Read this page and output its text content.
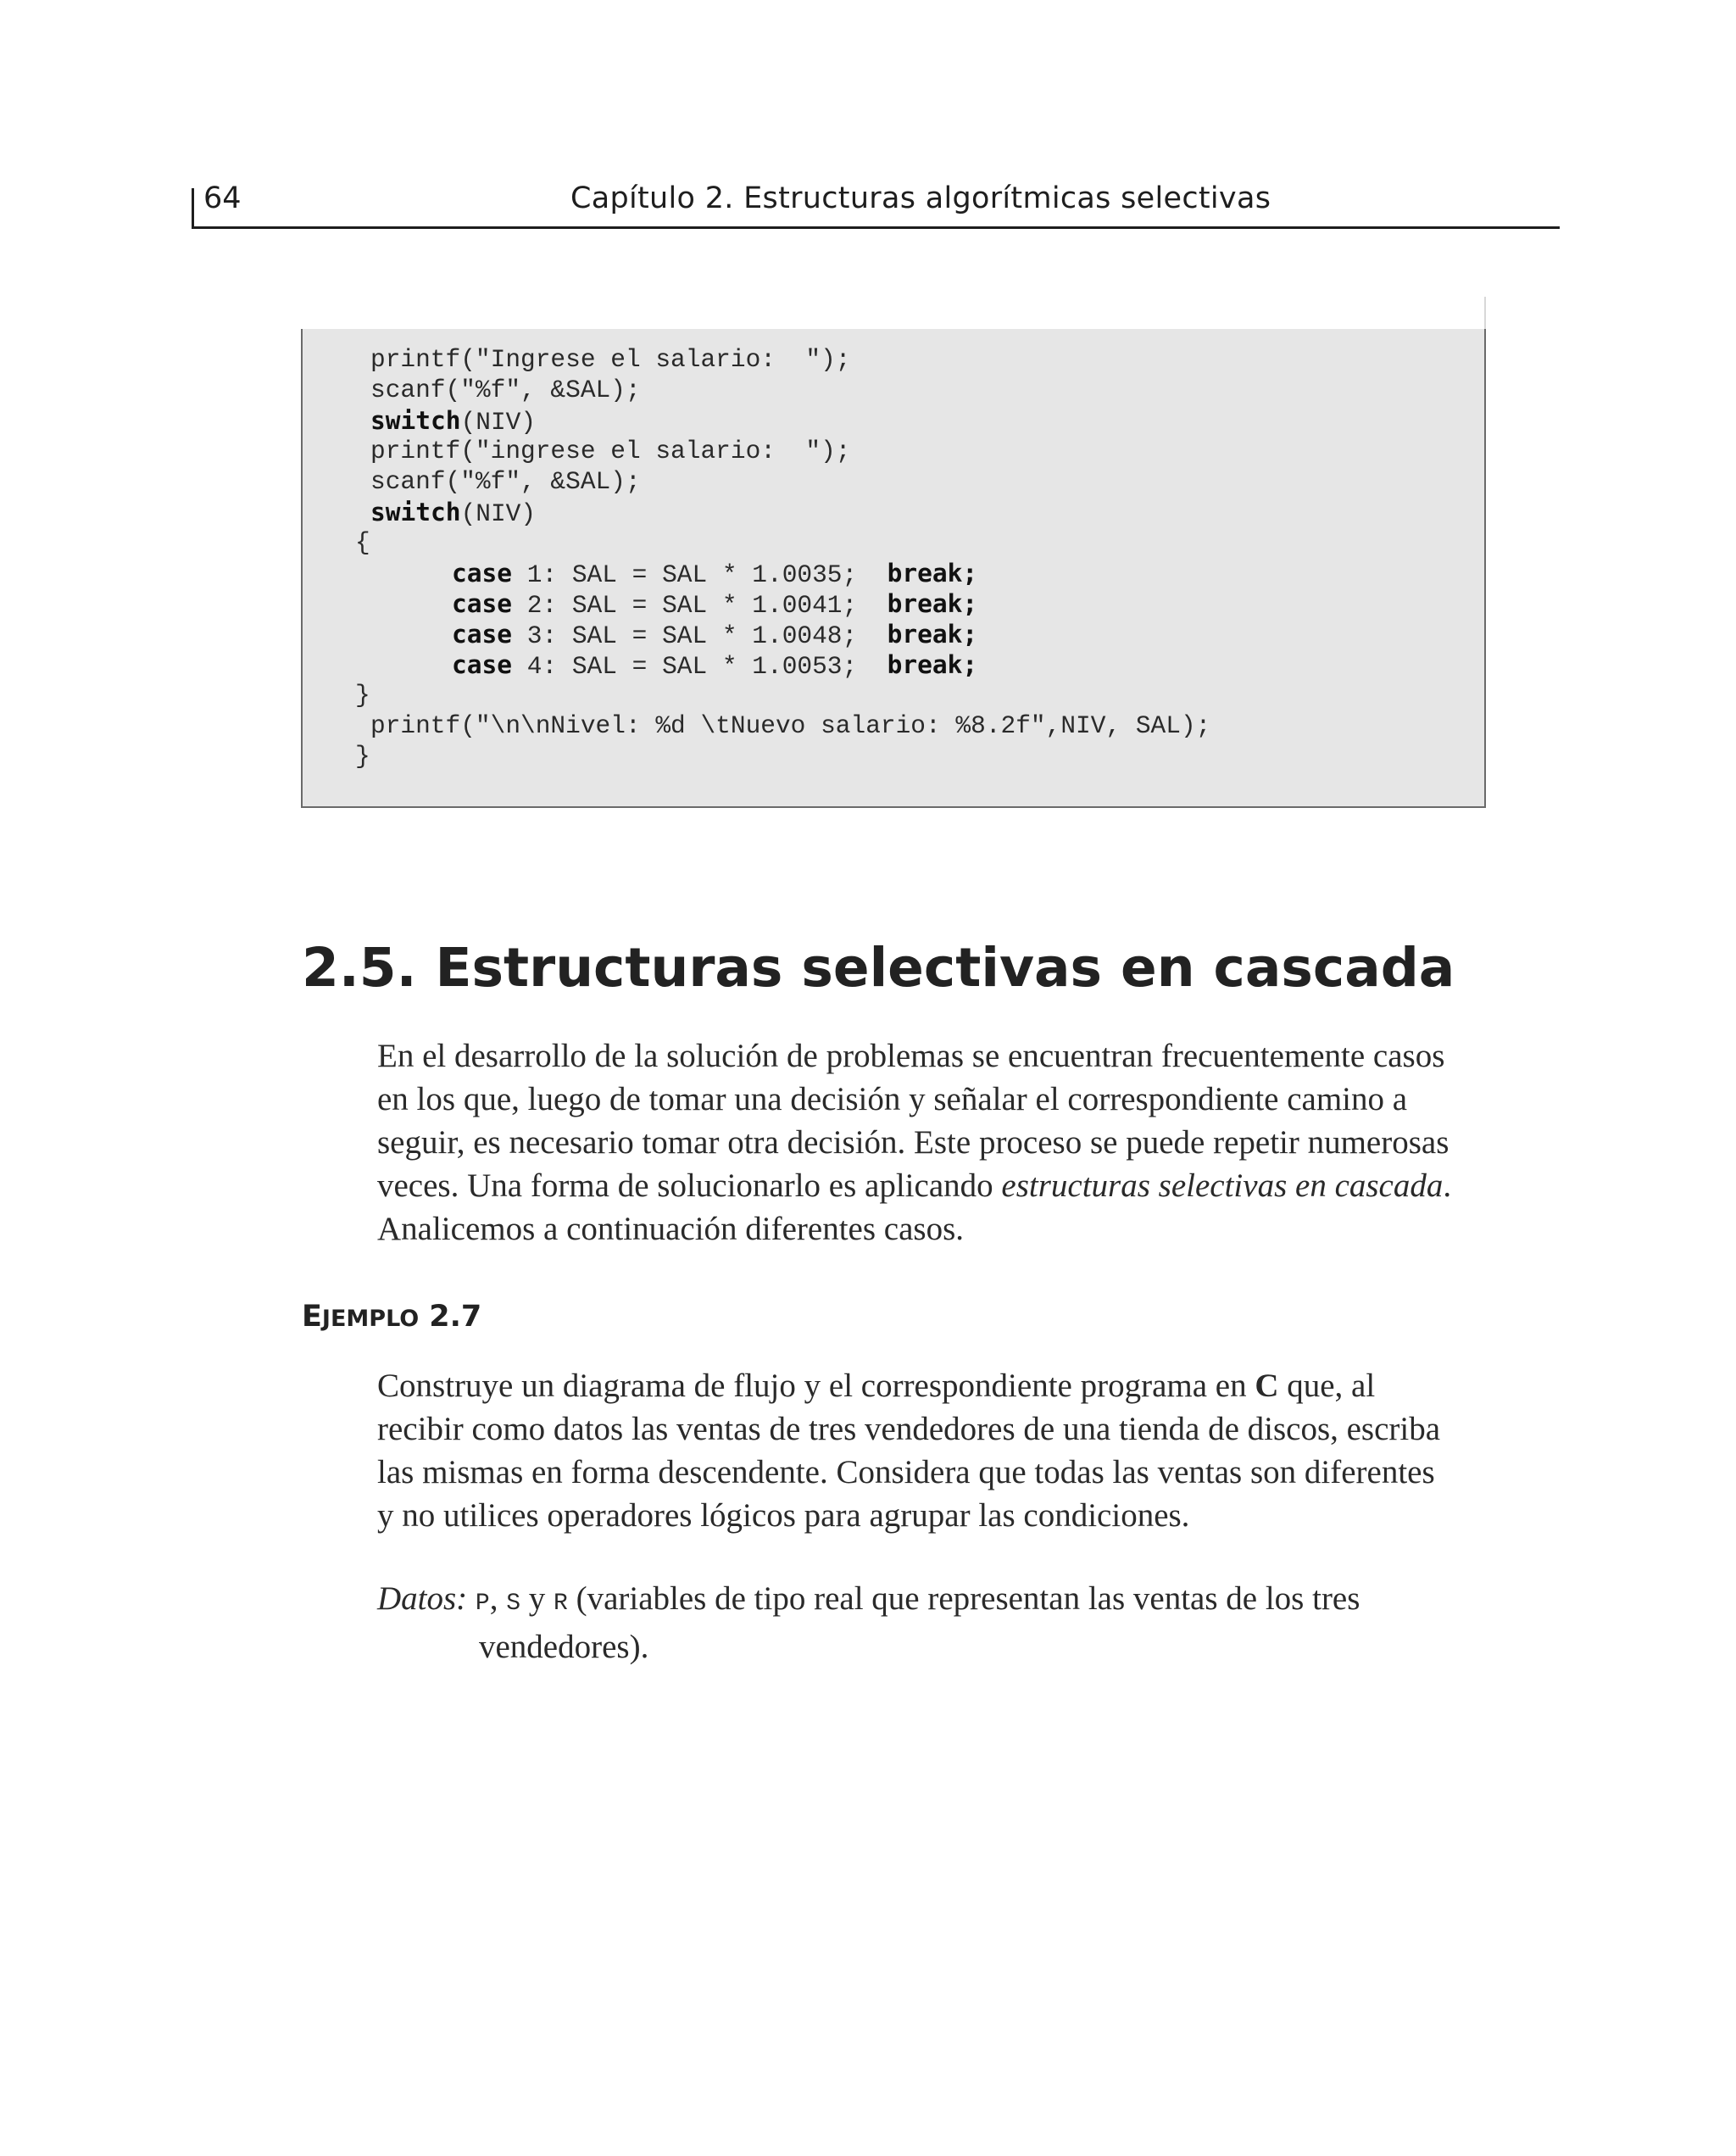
64	Capítulo 2. Estructuras algorítmicas selectivas
printf("Ingrese el salario:  ");
scanf("%f", &SAL);
switch(NIV)
printf("ingrese el salario:  ");
scanf("%f", &SAL);
switch(NIV)
{
case 1: SAL = SAL * 1.0035;  break;
case 2: SAL = SAL * 1.0041;  break;
case 3: SAL = SAL * 1.0048;  break;
case 4: SAL = SAL * 1.0053;  break;
}
printf("\n\nNivel: %d \tNuevo salario: %8.2f",NIV, SAL);
}
2.5. Estructuras selectivas en cascada
En el desarrollo de la solución de problemas se encuentran frecuentemente casos
en los que, luego de tomar una decisión y señalar el correspondiente camino a
seguir, es necesario tomar otra decisión. Este proceso se puede repetir numerosas
veces. Una forma de solucionarlo es aplicando estructuras selectivas en cascada.
Analicemos a continuación diferentes casos.
EJEMPLO 2.7
Construye un diagrama de flujo y el correspondiente programa en C que, al
recibir como datos las ventas de tres vendedores de una tienda de discos, escriba
las mismas en forma descendente. Considera que todas las ventas son diferentes
y no utilices operadores lógicos para agrupar las condiciones.
Datos: P, S y R (variables de tipo real que representan las ventas de los tres
vendedores).
